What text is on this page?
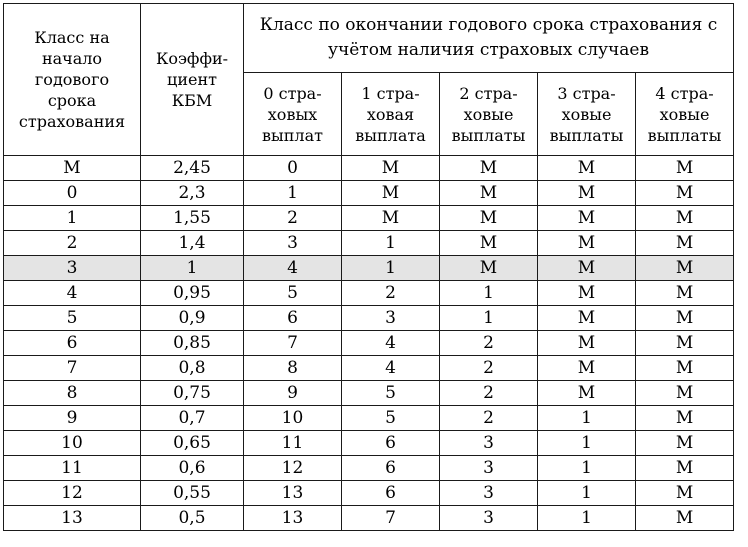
Класс на начало годового срока страхования	Коэффи-циент КБМ	Класс по окончании годового срока страхования с учётом наличия страховых случаев				
		0 стра-ховых выплат	1 стра-ховая выплата	2 стра-ховые выплаты	3 стра-ховые выплаты	4 стра-ховые выплаты
М	2,45	0	М	М	М	М
0	2,3	1	М	М	М	М
1	1,55	2	М	М	М	М
2	1,4	3	1	М	М	М
3	1	4	1	М	М	М
4	0,95	5	2	1	М	М
5	0,9	6	3	1	М	М
6	0,85	7	4	2	М	М
7	0,8	8	4	2	М	М
8	0,75	9	5	2	М	М
9	0,7	10	5	2	1	М
10	0,65	11	6	3	1	М
11	0,6	12	6	3	1	М
12	0,55	13	6	3	1	М
13	0,5	13	7	3	1	М
